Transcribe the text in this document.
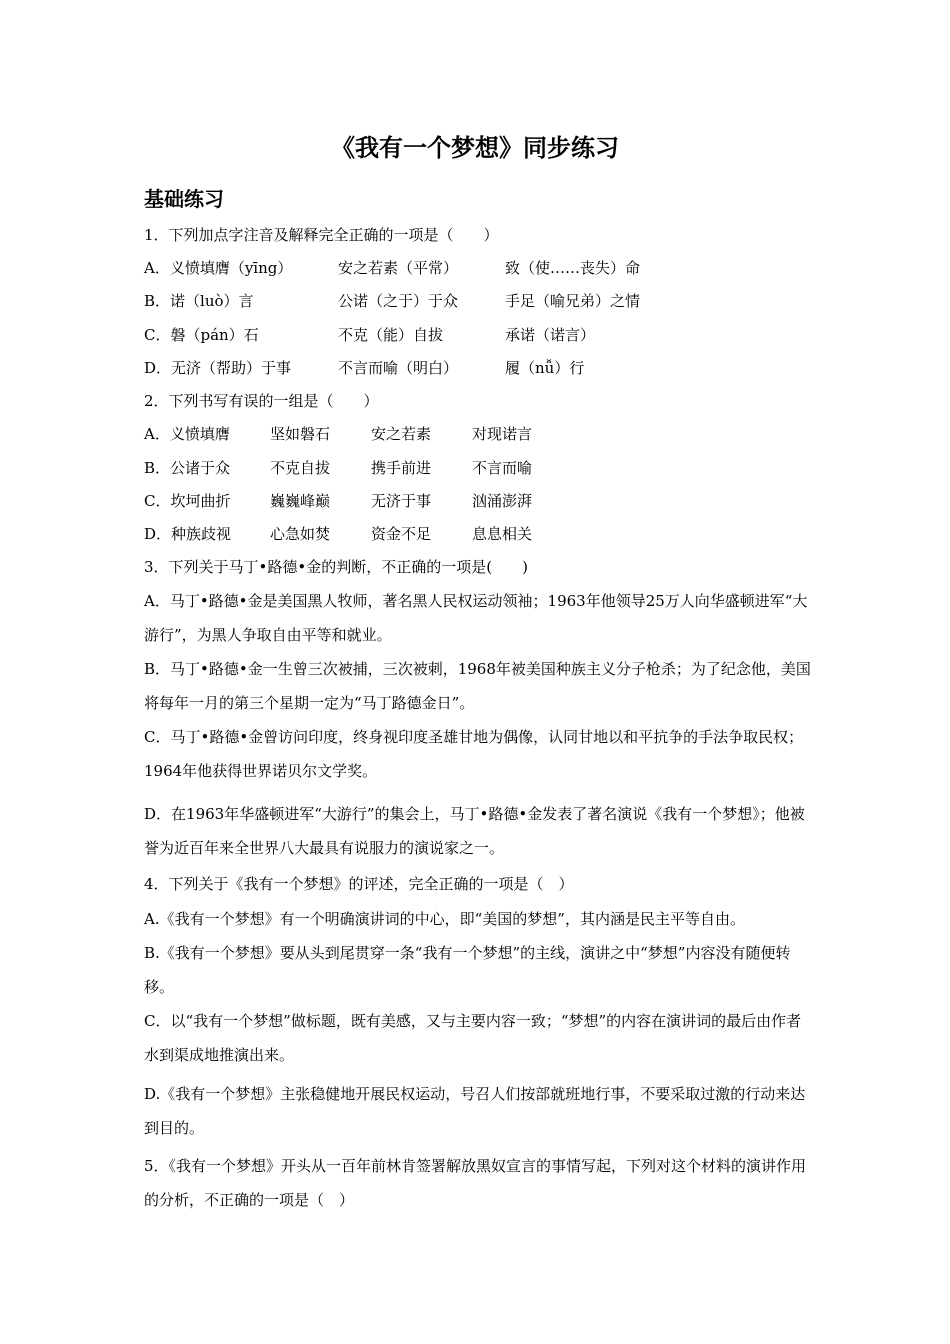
《我有一个梦想》同步练习
基础练习
1．下列加点字注音及解释完全正确的一项是（　　）
A．义愤填膺（yīng）	安之若素（平常）	致（使……丧失）命
B．诺（luò）言	公诺（之于）于众	手足（喻兄弟）之情
C．磐（pán）石	不克（能）自拔	承诺（诺言）
D．无济（帮助）于事	不言而喻（明白）	履（nǚ）行
2．下列书写有误的一组是（　　）
A．义愤填膺	坚如磐石	安之若素	对现诺言
B．公诸于众	不克自拔	携手前进	不言而喻
C．坎坷曲折	巍巍峰巅	无济于事	汹涌澎湃
D．种族歧视	心急如焚	资金不足	息息相关
3．下列关于马丁•路德•金的判断，不正确的一项是(　　)
A．马丁•路德•金是美国黑人牧师，著名黑人民权运动领袖；1963年他领导25万人向华盛顿进军“大游行”，为黑人争取自由平等和就业。
B．马丁•路德•金一生曾三次被捕，三次被刺，1968年被美国种族主义分子枪杀；为了纪念他，美国将每年一月的第三个星期一定为“马丁路德金日”。
C．马丁•路德•金曾访问印度，终身视印度圣雄甘地为偶像，认同甘地以和平抗争的手法争取民权；1964年他获得世界诺贝尔文学奖。
D．在1963年华盛顿进军“大游行”的集会上，马丁•路德•金发表了著名演说《我有一个梦想》；他被誉为近百年来全世界八大最具有说服力的演说家之一。
4．下列关于《我有一个梦想》的评述，完全正确的一项是（　）
A.《我有一个梦想》有一个明确演讲词的中心，即“美国的梦想”，其内涵是民主平等自由。
B.《我有一个梦想》要从头到尾贯穿一条“我有一个梦想”的主线，演讲之中“梦想”内容没有随便转移。
C．以“我有一个梦想”做标题，既有美感，又与主要内容一致；“梦想”的内容在演讲词的最后由作者水到渠成地推演出来。
D.《我有一个梦想》主张稳健地开展民权运动，号召人们按部就班地行事，不要采取过激的行动来达到目的。
5．《我有一个梦想》开头从一百年前林肯签署解放黑奴宣言的事情写起，下列对这个材料的演讲作用的分析，不正确的一项是（　）
